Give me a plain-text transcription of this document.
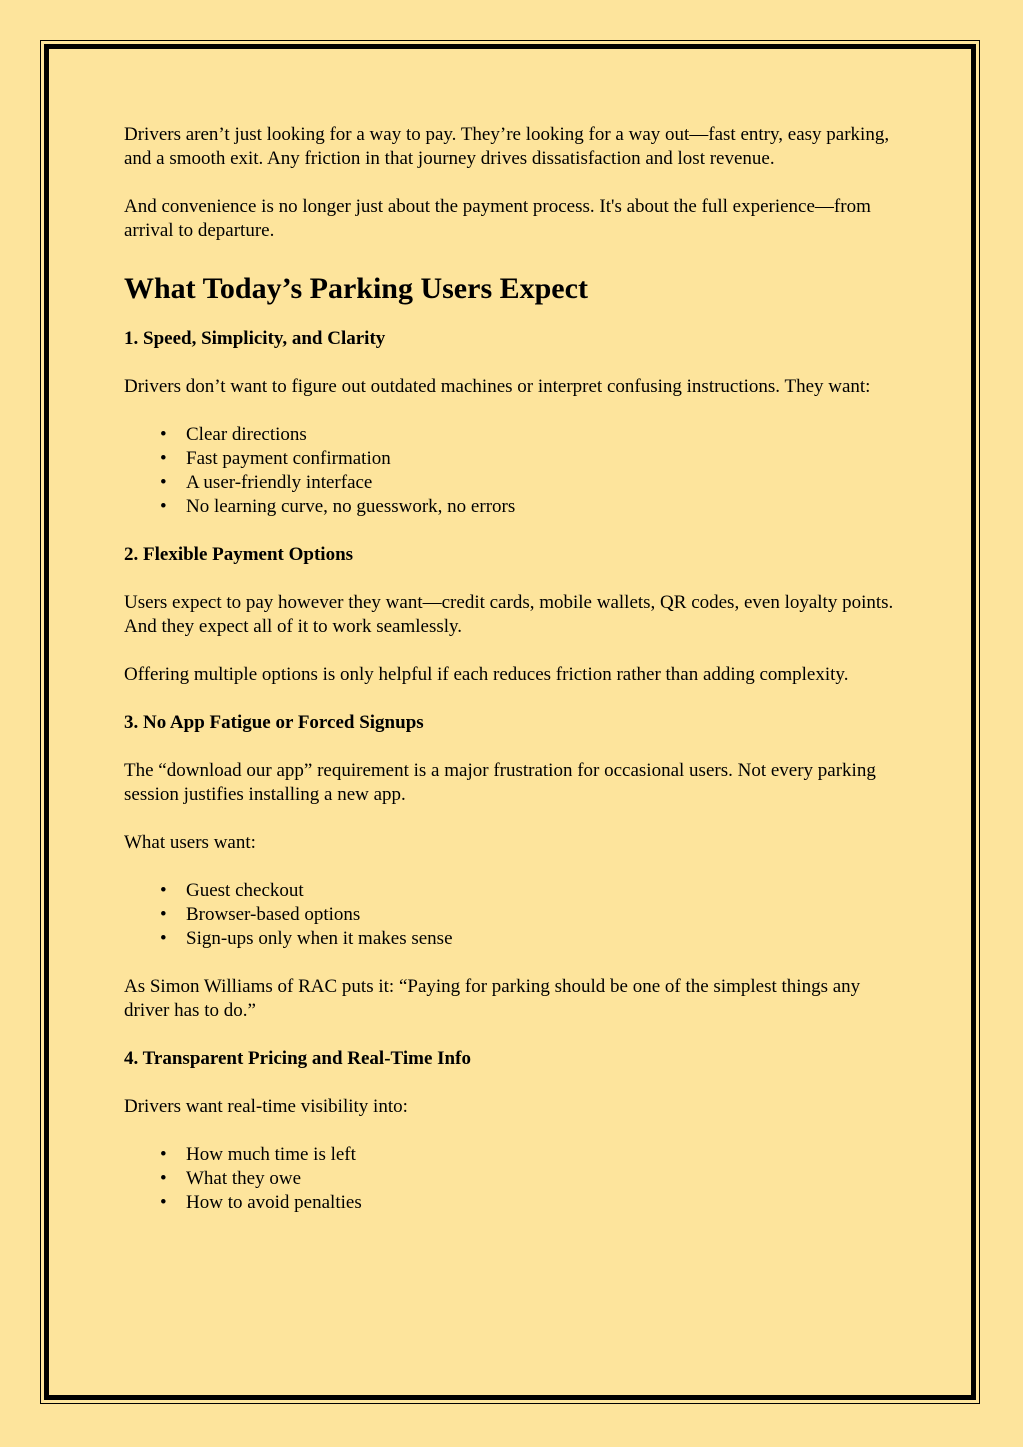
Drivers aren’t just looking for a way to pay. They’re looking for a way out—fast entry, easy parking, and a smooth exit. Any friction in that journey drives dissatisfaction and lost revenue.

And convenience is no longer just about the payment process. It's about the full experience—from arrival to departure.

What Today’s Parking Users Expect
1. Speed, Simplicity, and Clarity

Drivers don’t want to figure out outdated machines or interpret confusing instructions. They want:

• Clear directions
• Fast payment confirmation
• A user-friendly interface
• No learning curve, no guesswork, no errors
2. Flexible Payment Options

Users expect to pay however they want—credit cards, mobile wallets, QR codes, even loyalty points. And they expect all of it to work seamlessly.

Offering multiple options is only helpful if each reduces friction rather than adding complexity.

3. No App Fatigue or Forced Signups

The “download our app” requirement is a major frustration for occasional users. Not every parking session justifies installing a new app.

What users want:

• Guest checkout
• Browser-based options
• Sign-ups only when it makes sense

As Simon Williams of RAC puts it: “Paying for parking should be one of the simplest things any driver has to do.”

4. Transparent Pricing and Real-Time Info

Drivers want real-time visibility into:

• How much time is left
• What they owe
• How to avoid penalties
